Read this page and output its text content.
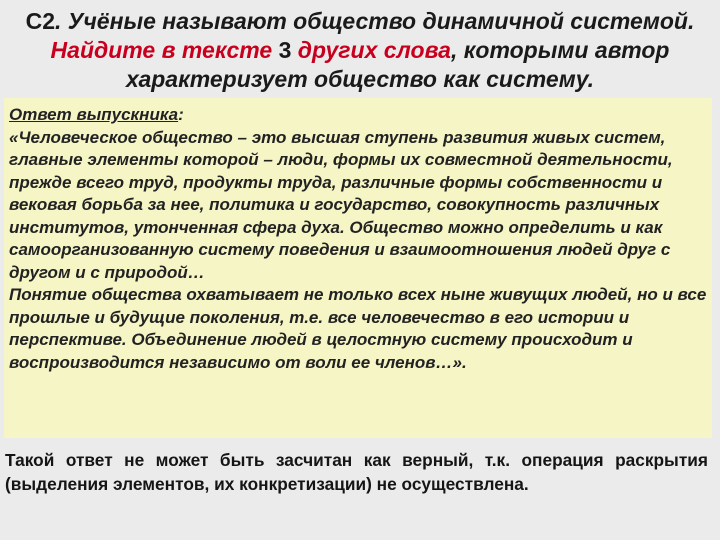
С2. Учёные называют общество динамичной системой.
Найдите в тексте 3 других слова, которыми автор
характеризует общество как систему.

Ответ выпускника:

«Человеческое общество – это высшая ступень развития живых систем, главные элементы которой – люди, формы их совместной деятельности, прежде всего труд, продукты труда, различные формы собственности и вековая борьба за нее, политика и государство, совокупность различных институтов, утонченная сфера духа. Общество можно определить и как самоорганизованную систему поведения и взаимоотношения людей друг с другом и с природой…

Понятие общества охватывает не только всех ныне живущих людей, но и все прошлые и будущие поколения, т.е. все человечество в его истории и перспективе. Объединение людей в целостную систему происходит и воспроизводится независимо от воли ее членов…».

Такой ответ не может быть засчитан как верный, т.к. операция раскрытия (выделения элементов, их конкретизации) не осуществлена.
